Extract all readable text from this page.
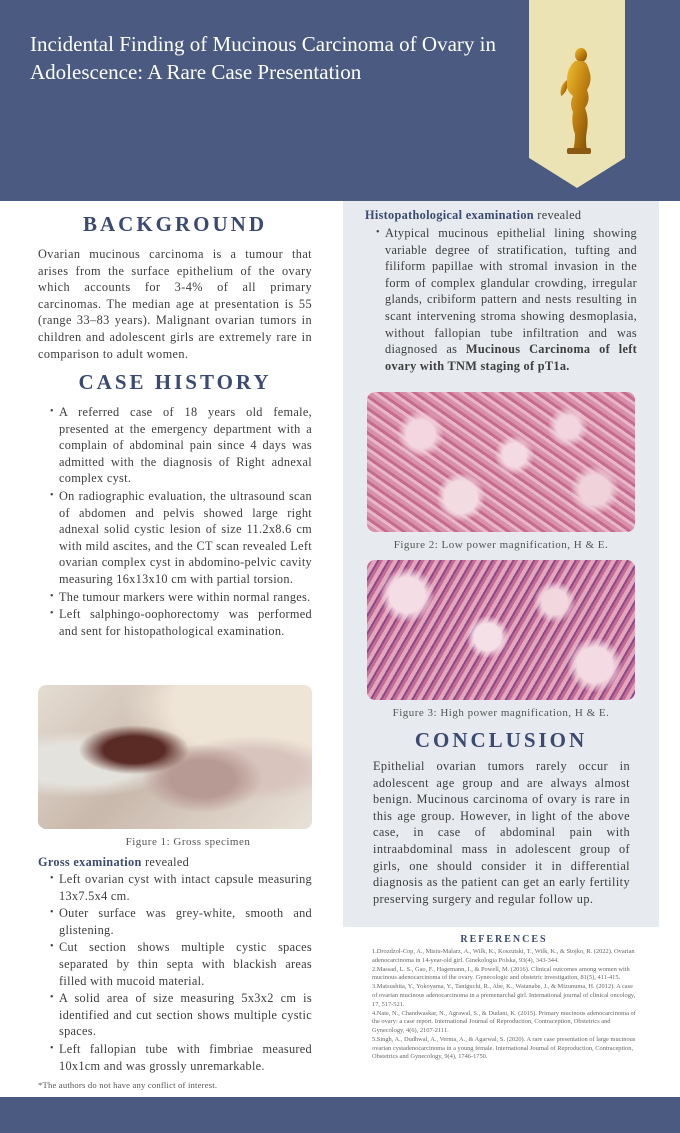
Incidental Finding of Mucinous Carcinoma of Ovary in Adolescence: A Rare Case Presentation
BACKGROUND

Ovarian mucinous carcinoma is a tumour that arises from the surface epithelium of the ovary which accounts for 3-4% of all primary carcinomas. The median age at presentation is 55 (range 33–83 years). Malignant ovarian tumors in children and adolescent girls are extremely rare in comparison to adult women.

CASE HISTORY
• A referred case of 18 years old female, presented at the emergency department with a complain of abdominal pain since 4 days was admitted with the diagnosis of Right adnexal complex cyst.
• On radiographic evaluation, the ultrasound scan of abdomen and pelvis showed large right adnexal solid cystic lesion of size 11.2x8.6 cm with mild ascites, and the CT scan revealed Left ovarian complex cyst in abdomino-pelvic cavity measuring 16x13x10 cm with partial torsion.
• The tumour markers were within normal ranges.
• Left salphingo-oophorectomy was performed and sent for histopathological examination.
Figure 1: Gross specimen
Gross examination revealed
• Left ovarian cyst with intact capsule measuring 13x7.5x4 cm.
• Outer surface was grey-white, smooth and glistening.
• Cut section shows multiple cystic spaces separated by thin septa with blackish areas filled with mucoid material.
• A solid area of size measuring 5x3x2 cm is identified and cut section shows multiple cystic spaces.
• Left fallopian tube with fimbriae measured 10x1cm and was grossly unremarkable.
*The authors do not have any conflict of interest.
Histopathological examination revealed
• Atypical mucinous epithelial lining showing variable degree of stratification, tufting and filiform papillae with stromal invasion in the form of complex glandular crowding, irregular glands, cribiform pattern and nests resulting in scant intervening stroma showing desmoplasia, without fallopian tube infiltration and was diagnosed as Mucinous Carcinoma of left ovary with TNM staging of pT1a.
Figure 2: Low power magnification, H & E.
Figure 3: High power magnification, H & E.
CONCLUSION

Epithelial ovarian tumors rarely occur in adolescent age group and are always almost benign. Mucinous carcinoma of ovary is rare in this age group. However, in light of the above case, in case of abdominal pain with intraabdominal mass in adolescent group of girls, one should consider it in differential diagnosis as the patient can get an early fertility preserving surgery and regular follow up.

REFERENCES
1.Drozdzol-Cop, A., Misiu-Malarz, A., Wilk, K., Koszutski, T., Wilk, K., & Stojko, R. (2022). Ovarian adenocarcinoma in 14-year-old girl. Ginekologia Polska, 93(4), 343-344.
2.Massad, L. S., Gao, F., Hagemann, I., & Powell, M. (2016). Clinical outcomes among women with mucinous adenocarcinoma of the ovary. Gynecologic and obstetric investigation, 81(5), 411-415.
3.Matsushita, Y., Yokoyama, Y., Taniguchi, R., Abe, K., Watanabe, J., & Mizunuma, H. (2012). A case of ovarian mucinous adenocarcinoma in a premenarchal girl. International journal of clinical oncology, 17, 517-521.
4.Nate, N., Chandwaskar, N., Agrawal, S., & Dudani, K. (2015). Primary mucinous adenocarcinoma of the ovary: a case report. International Journal of Reproduction, Contraception, Obstetrics and Gynecology, 4(6), 2107-2111.
5.Singh, A., Dudhwal, A., Verma, A., & Agarwal, S. (2020). A rare case presentation of large mucinous ovarian cystadenocarcinoma in a young female. International Journal of Reproduction, Contraception, Obstetrics and Gynecology, 9(4), 1746-1750.
